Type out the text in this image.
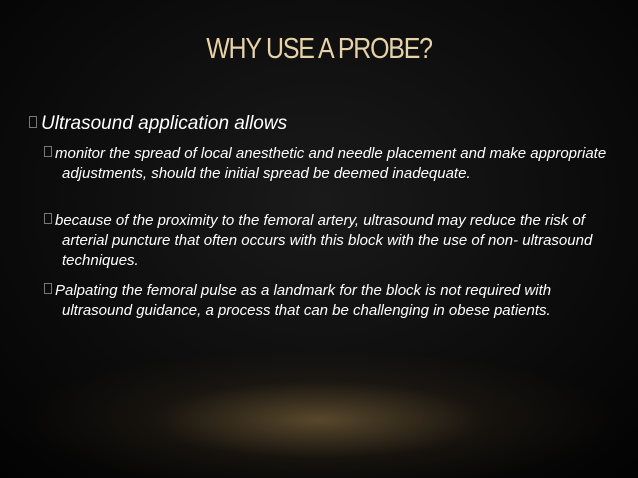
WHY USE A PROBE?
Ultrasound application allows
monitor the spread of local anesthetic and needle placement and make appropriate adjustments, should the initial spread be deemed inadequate.
because of the proximity to the femoral artery, ultrasound may reduce the risk of arterial puncture that often occurs with this block with the use of non- ultrasound techniques.
Palpating the femoral pulse as a landmark for the block is not required with ultrasound guidance, a process that can be challenging in obese patients.
